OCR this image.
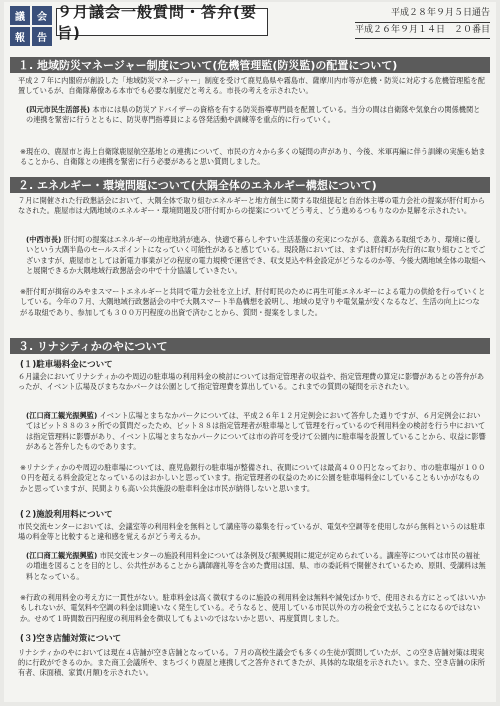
議	会
報	告
９月議会一般質問・答弁(要旨)
平成２８年９月５日通告
平成２６年９月１４日　２０番目
１. 地域防災マネージャー制度について(危機管理監(防災監)の配置について)

平成２７年に内閣府が創設した「地域防災マネージャー」制度を受けて鹿児島県や霧島市、薩摩川内市等が危機・防災に対応する危機管理監を配置しているが、自衛隊幕僚ある本市でも必要な制度だと考える。市長の考えを示されたい。

(四元市民生活部長) 本市には県の防災アドバイザーの資格を有する防災指導専門員を配置している。当分の間は自衛隊や気象台の関係機関との連携を緊密に行うとともに、防災専門指導員による啓発活動や訓練等を重点的に行っていく。

※現在の、鹿屋市と海上自衛隊鹿屋航空基地との連携について、市民の方々から多くの疑問の声があり、今後、米軍再編に伴う訓練の実施も始まることから、自衛隊との連携を緊密に行う必要があると思い質問しました。

２. エネルギー・環境問題について(大隅全体のエネルギー構想について)

７月に開催された行政懇話会において、大隅全体で取り組むエネルギーと地方創生に関する取組提起と自治体主導の電力会社の提案が肝付町からなされた。鹿屋市は大隅地域のエネルギー・環境問題及び肝付町からの提案についてどう考え、どう進めるつもりなのか見解を示されたい。

(中西市長) 肝付町の提案はエネルギーの地産地消が進み、快適で暮らしやすい生活基盤の充実につながる、意義ある取組であり、環境に優しいという大隅半島のセールスポイントになっていく可能性があると感じている。現段階においては、まずは肝付町が先行的に取り組むことでございますが、鹿屋市としては新電力事業がどの程度の電力規模で運営でき、収支見込や料金設定がどうなるのか等、今後大隅地域全体の取組へと展開できるか大隅地域行政懇話会の中で十分協議していきたい。

※肝付町が揖宿のみやまスマートエネルギーと共同で電力会社を立上げ、肝付町民のために再生可能エネルギーによる電力の供給を行っていくとしている。今年の７月、大隅地域行政懇話会の中で大隅スマート半島構想を説明し、地域の見守りや電気量が安くなるなど、生活の向上につながる取組であり、参加しても３００万円程度の出資で済むことから、質問・提案をしました。

３. リナシティかのやについて
(１)駐車場料金について

６月議会においてリナシティかのや周辺の駐車場の利用料金の検討については指定管理者の収益や、指定管理費の算定に影響があるとの答弁があったが、イベント広場及びまちなかパークは公園として指定管理費を算出している。これまでの質問の疑問を示されたい。

(江口商工観光振興監) イベント広場とまちなかパークについては、平成２６年１２月定例会において答弁した通りですが、６月定例会においてはビット８８の３ヶ所での質問だったため、ビット８８は指定管理者が駐車場として管理を行っているので利用料金の検討を行う中においては指定管理料に影響があり、イベント広場とまちなかパークについては市の許可を受けて公園内に駐車場を設置していることから、収益に影響があると答弁したものであります。

※リナシティかのや周辺の駐車場については、鹿児島銀行の駐車場が整備され、夜間については最高４００円となっており、市の駐車場が１０００円を超える料金設定となっているのはおかしいと思っています。指定管理者の収益のために公園を駐車場料金にしていることもいかがなものかと思っていますが、民間よりも高い公共施設の駐車料金は市民が納得しないと思います。

(２)施設利用料について

市民交流センターにおいては、会議室等の利用料金を無料として講座等の募集を行っているが、電気や空調等を使用しながら無料というのは駐車場の料金等と比較すると違和感を覚えるがどう考えるか。

(江口商工観光振興監) 市民交流センターの施設利用料金については条例及び振興規則に規定が定められている。講座等については市民の福祉の増進を図ることを目的とし、公共性があることから講師謝礼等を含めた費用は国、県、市の委託料で開催されているため、原則、受講料は無料となっている。

※行政の利用料金の考え方に一貫性がない。駐車料金は高く徴収するのに施設の利用料金は無料や減免ばかりで、使用される方にとってはいいかもしれないが、電気料や空調の料金は間違いなく発生している。そうなると、使用している市民以外の方の税金で支払うことになるのではないか。せめて１時間数百円程度の利用料金を徴収してもよいのではないかと思い、再度質問しました。

(３)空き店舗対策について

リナシティかのやにおいては現在４店舗が空き店舗となっている。７月の高校生議会でも多くの生徒が質問していたが、この空き店舗対策は現実的に行政ができるのか。また商工会議所や、まちづくり鹿屋と連携して之答弁されてきたが、具体的な取組を示されたい。また、空き店舗の床所有者、床面積、家賃(月額)を示されたい。
